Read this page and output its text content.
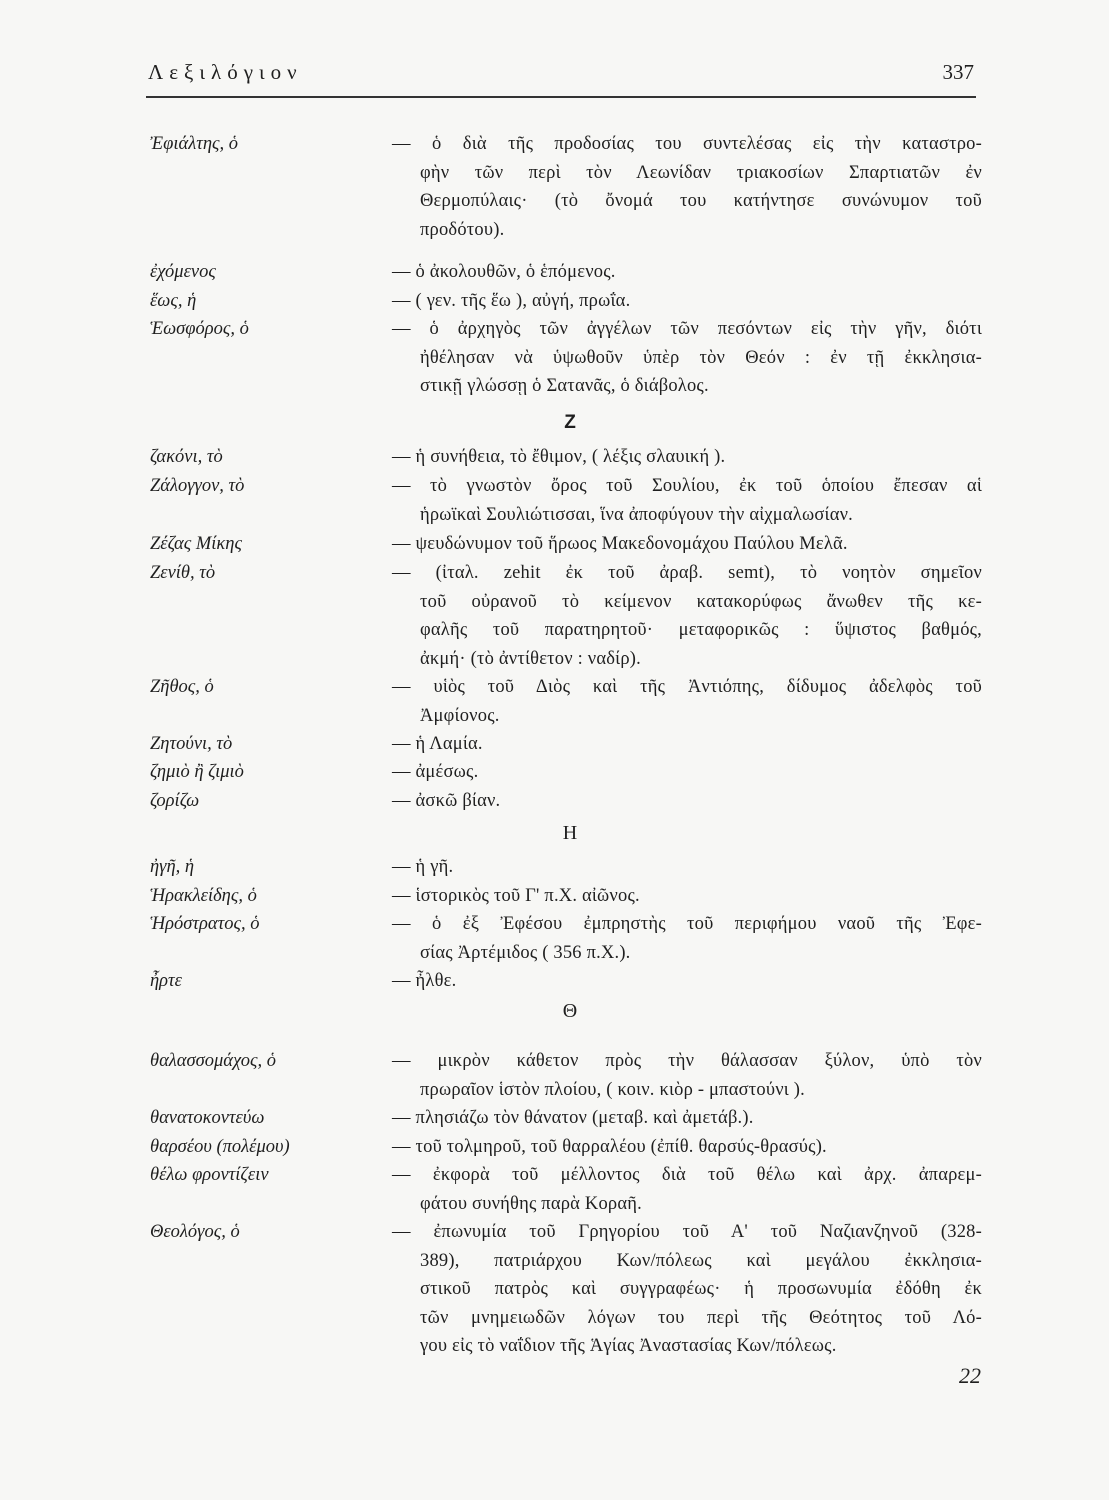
Λεξιλόγιον	337
Ἐφιάλτης, ὁ	— ὁ διὰ τῆς προδοσίας του συντελέσας εἰς τὴν καταστρο-
φὴν τῶν περὶ τὸν Λεωνίδαν τριακοσίων Σπαρτιατῶν ἐν
Θερμοπύλαις· (τὸ ὄνομά του κατήντησε συνώνυμον τοῦ
προδότου).
ἐχόμενος	— ὁ ἀκολουθῶν, ὁ ἑπόμενος.
ἕως, ἡ	— ( γεν. τῆς ἕω ), αὐγή, πρωΐα.
Ἑωσφόρος, ὁ	— ὁ ἀρχηγὸς τῶν ἀγγέλων τῶν πεσόντων εἰς τὴν γῆν, διότι
ἠθέλησαν νὰ ὑψωθοῦν ὑπὲρ τὸν Θεόν : ἐν τῇ ἐκκλησια-
στικῇ γλώσσῃ ὁ Σατανᾶς, ὁ διάβολος.
Ζ
ζακόνι, τὸ	— ἡ συνήθεια, τὸ ἔθιμον, ( λέξις σλαυική ).
Ζάλογγον, τὸ	— τὸ γνωστὸν ὄρος τοῦ Σουλίου, ἐκ τοῦ ὁποίου ἔπεσαν αἱ
ἡρωϊκαὶ Σουλιώτισσαι, ἵνα ἀποφύγουν τὴν αἰχμαλωσίαν.
Ζέζας Μίκης	— ψευδώνυμον τοῦ ἥρωος Μακεδονομάχου Παύλου Μελᾶ.
Ζενίθ, τὸ	— (ἰταλ. zehit ἐκ τοῦ ἀραβ. semt), τὸ νοητὸν σημεῖον
τοῦ οὐρανοῦ τὸ κείμενον κατακορύφως ἄνωθεν τῆς κε-
φαλῆς τοῦ παρατηρητοῦ· μεταφορικῶς : ὕψιστος βαθμός,
ἀκμή· (τὸ ἀντίθετον : ναδίρ).
Ζῆθος, ὁ	— υἱὸς τοῦ Διὸς καὶ τῆς Ἀντιόπης, δίδυμος ἀδελφὸς τοῦ
Ἀμφίονος.
Ζητούνι, τὸ	— ἡ Λαμία.
ζημιὸ ἢ ζιμιὸ	— ἀμέσως.
ζορίζω	— ἀσκῶ βίαν.
Η
ἠγῆ, ἡ	— ἡ γῆ.
Ἡρακλείδης, ὁ	— ἱστορικὸς τοῦ Γ' π.Χ. αἰῶνος.
Ἡρόστρατος, ὁ	— ὁ ἐξ Ἐφέσου ἐμπρηστὴς τοῦ περιφήμου ναοῦ τῆς Ἐφε-
σίας Ἀρτέμιδος ( 356 π.Χ.).
ἦρτε	— ἦλθε.
Θ
θαλασσομάχος, ὁ	— μικρὸν κάθετον πρὸς τὴν θάλασσαν ξύλον, ὑπὸ τὸν
πρωραῖον ἱστὸν πλοίου, ( κοιν. κιὸρ - μπαστούνι ).
θανατοκοντεύω	— πλησιάζω τὸν θάνατον (μεταβ. καὶ ἀμετάβ.).
θαρσέου (πολέμου)	— τοῦ τολμηροῦ, τοῦ θαρραλέου (ἐπίθ. θαρσύς-θρασύς).
θέλω φροντίζειν	— ἐκφορὰ τοῦ μέλλοντος διὰ τοῦ θέλω καὶ ἀρχ. ἀπαρεμ-
φάτου συνήθης παρὰ Κοραῆ.
Θεολόγος, ὁ	— ἐπωνυμία τοῦ Γρηγορίου τοῦ Α' τοῦ Ναζιανζηνοῦ (328-
389), πατριάρχου Κων/πόλεως καὶ μεγάλου ἐκκλησια-
στικοῦ πατρὸς καὶ συγγραφέως· ἡ προσωνυμία ἐδόθη ἐκ
τῶν μνημειωδῶν λόγων του περὶ τῆς Θεότητος τοῦ Λό-
γου εἰς τὸ ναΐδιον τῆς Ἁγίας Ἀναστασίας Κων/πόλεως.
22
